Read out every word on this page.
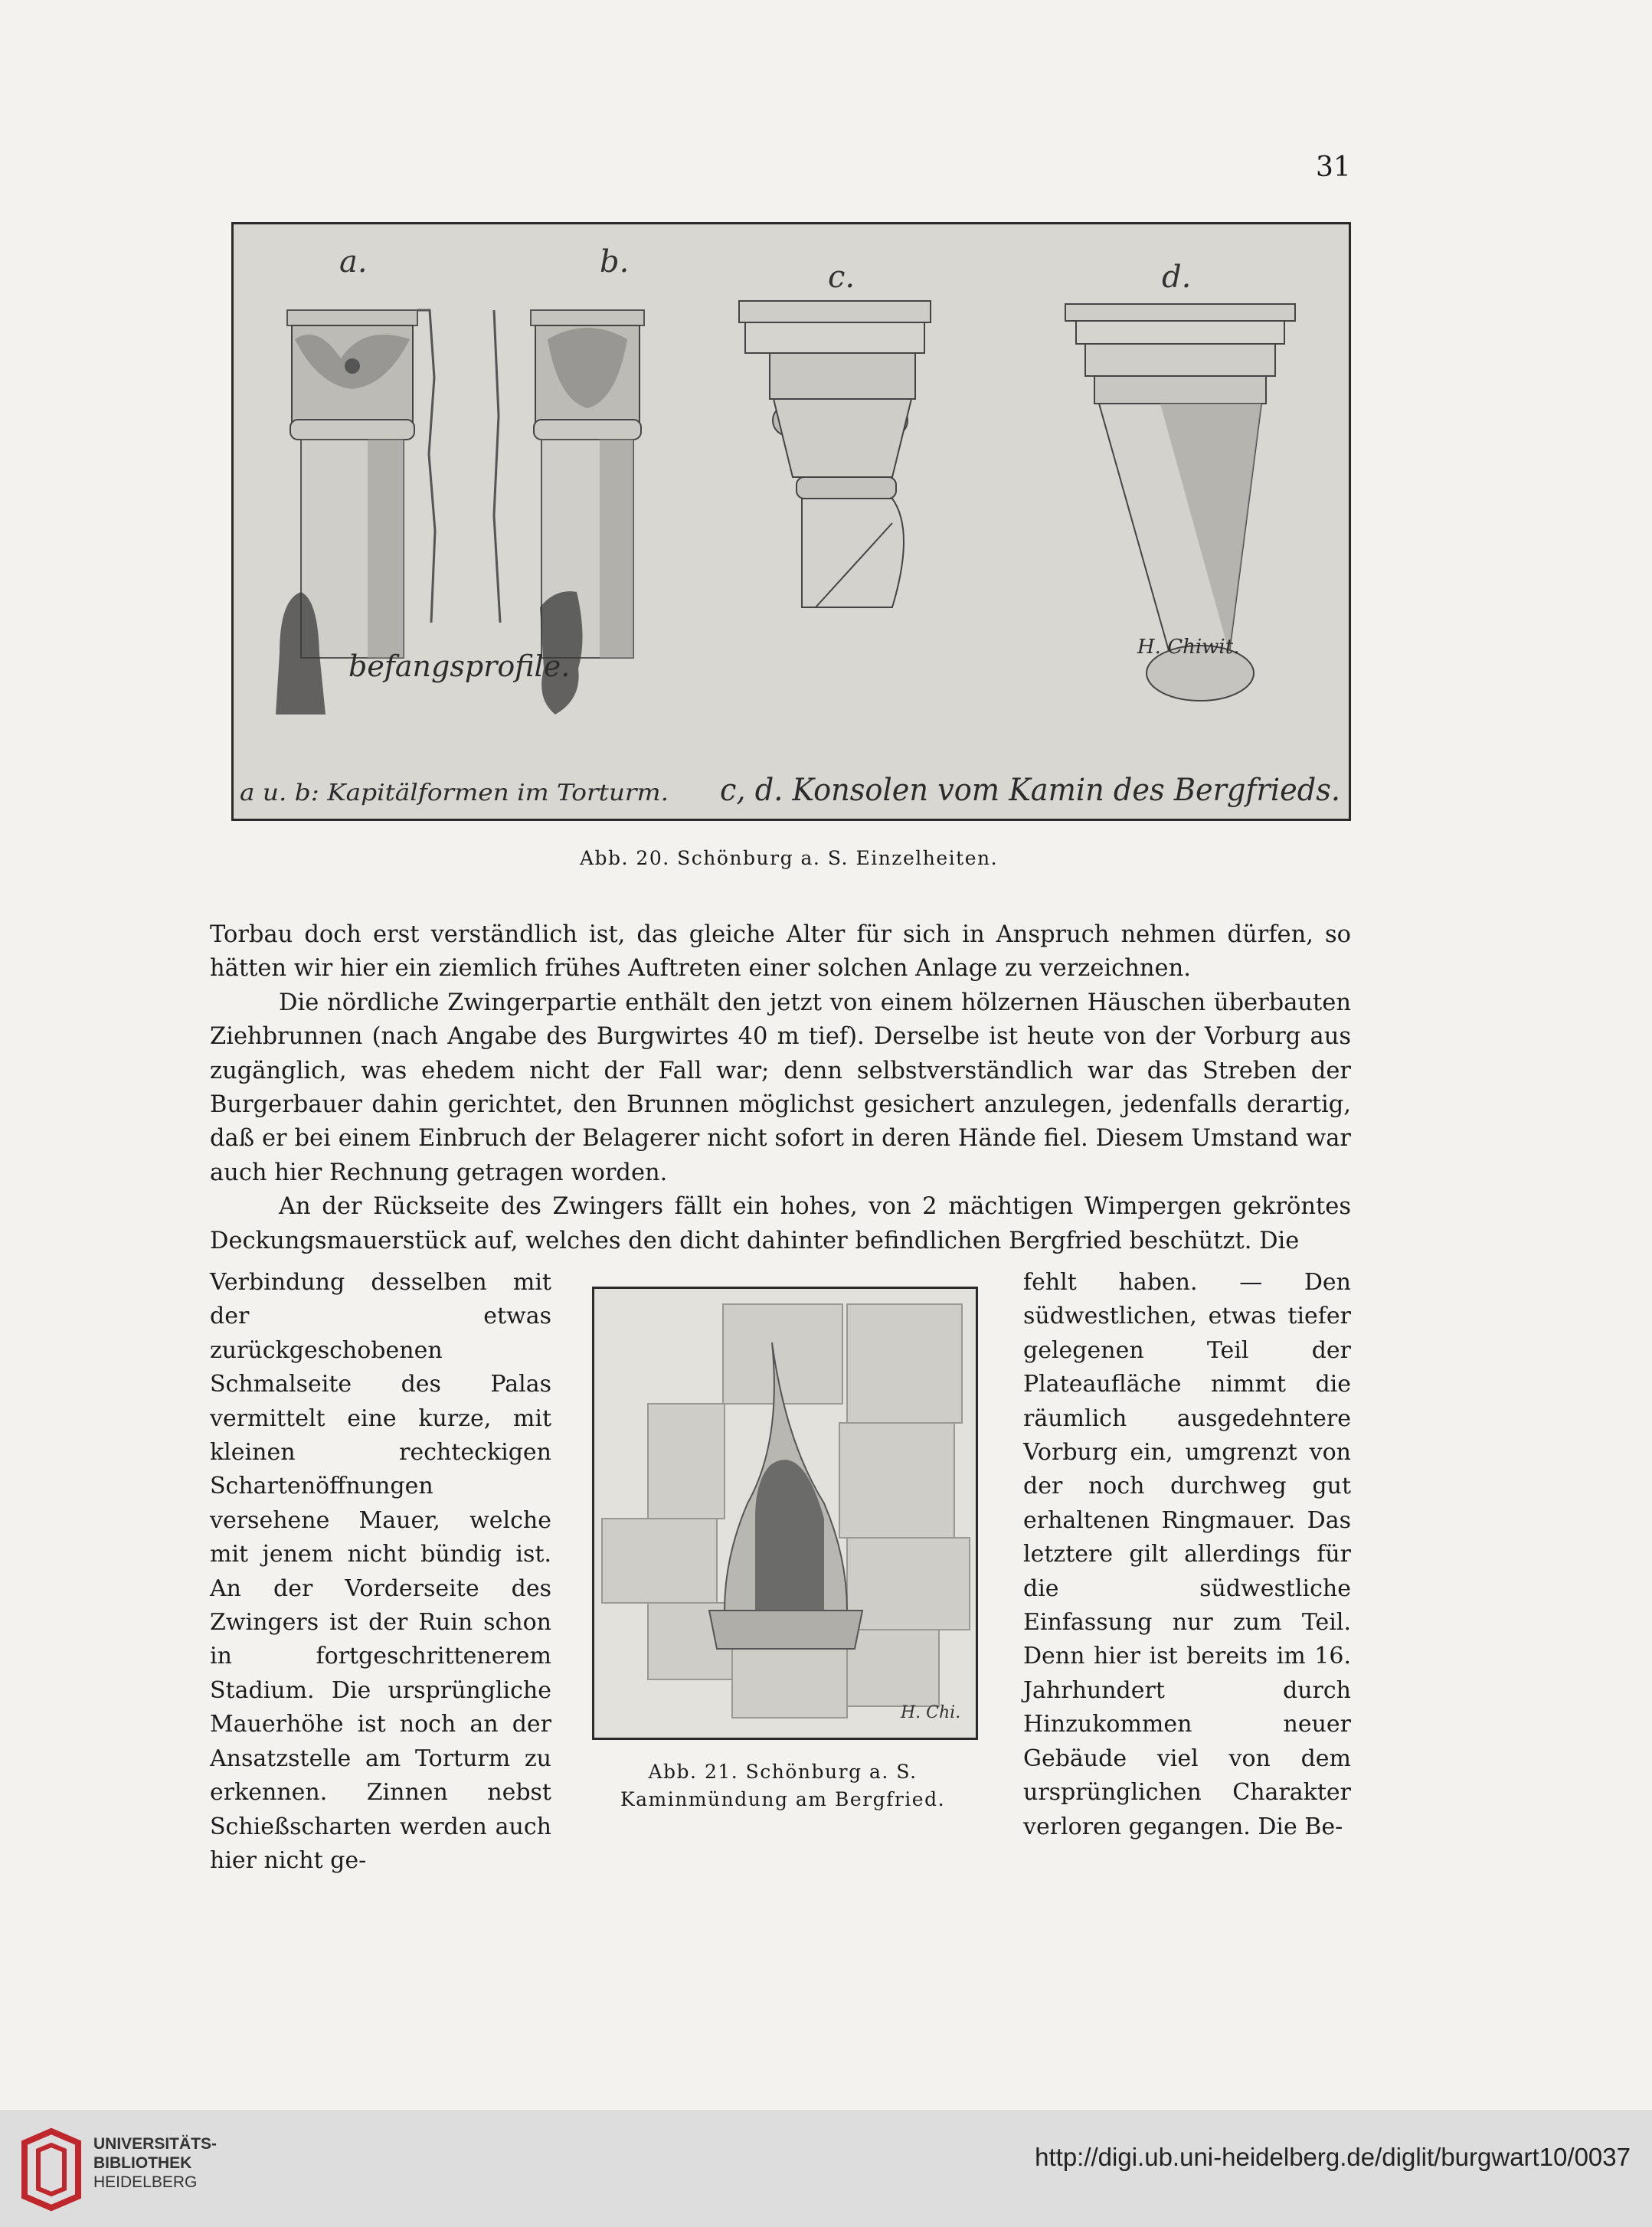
31
a.	b.	c.	d.
befangsprofile.
H. Chiwit.
a u. b: Kapitälformen im Torturm. c, d. Konsolen vom Kamin des Bergfrieds.
Abb. 20. Schönburg a. S. Einzelheiten.

Torbau doch erst verständlich ist, das gleiche Alter für sich in Anspruch nehmen dürfen, so hätten wir hier ein ziemlich frühes Auftreten einer solchen Anlage zu verzeichnen.

Die nördliche Zwingerpartie enthält den jetzt von einem hölzernen Häuschen überbauten Ziehbrunnen (nach Angabe des Burgwirtes 40 m tief). Derselbe ist heute von der Vorburg aus zugänglich, was ehedem nicht der Fall war; denn selbstverständlich war das Streben der Burgerbauer dahin gerichtet, den Brunnen möglichst gesichert anzulegen, jedenfalls derartig, daß er bei einem Einbruch der Belagerer nicht sofort in deren Hände fiel. Diesem Umstand war auch hier Rechnung getragen worden.

An der Rückseite des Zwingers fällt ein hohes, von 2 mächtigen Wimpergen gekröntes Deckungsmauerstück auf, welches den dicht dahinter befindlichen Bergfried beschützt. Die

Verbindung desselben mit der etwas zurückgeschobenen Schmalseite des Palas vermittelt eine kurze, mit kleinen rechteckigen Schartenöffnungen versehene Mauer, welche mit jenem nicht bündig ist. An der Vorderseite des Zwingers ist der Ruin schon in fortgeschrittenerem Stadium. Die ursprüngliche Mauerhöhe ist noch an der Ansatzstelle am Torturm zu erkennen. Zinnen nebst Schießscharten werden auch hier nicht ge-
H. Chi.
Abb. 21. Schönburg a. S.
Kaminmündung am Bergfried.
fehlt haben. — Den südwestlichen, etwas tiefer gelegenen Teil der Plateaufläche nimmt die räumlich ausgedehntere Vorburg ein, umgrenzt von der noch durchweg gut erhaltenen Ringmauer. Das letztere gilt allerdings für die südwestliche Einfassung nur zum Teil. Denn hier ist bereits im 16. Jahrhundert durch Hinzukommen neuer Gebäude viel von dem ursprünglichen Charakter verloren gegangen. Die Be-
UNIVERSITÄTS-
BIBLIOTHEK
HEIDELBERG
http://digi.ub.uni-heidelberg.de/diglit/burgwart10/0037
